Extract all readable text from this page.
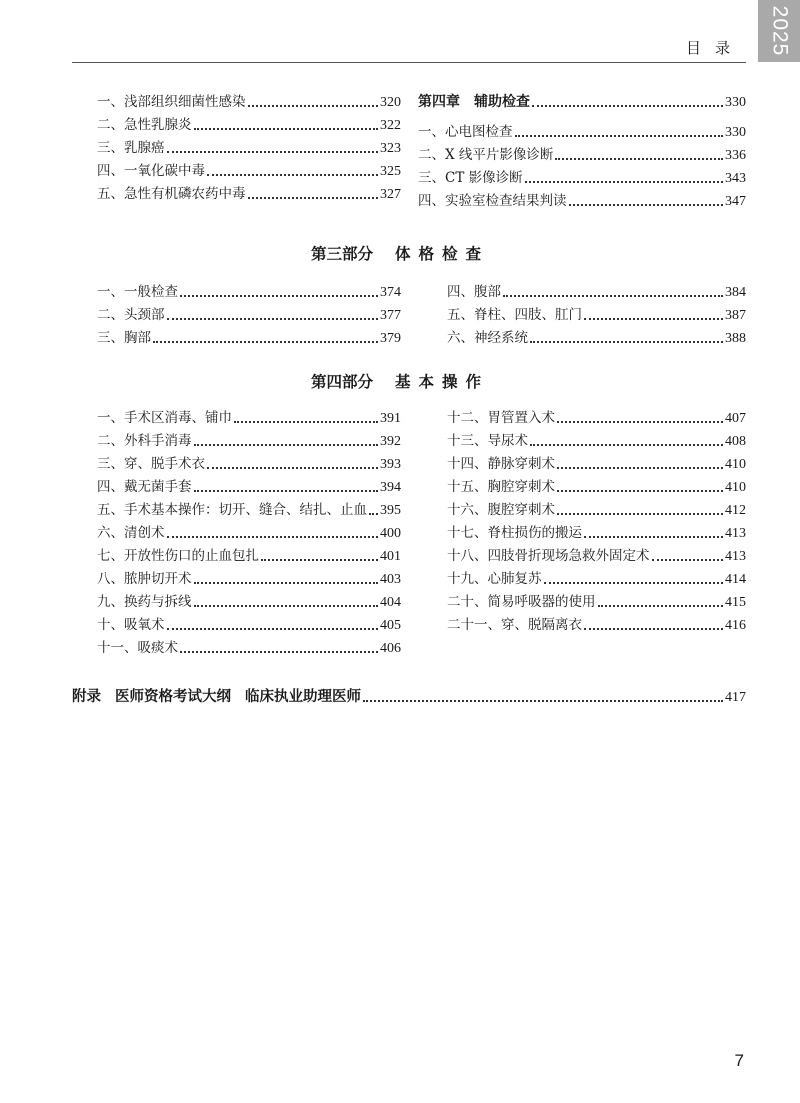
2025
目录
一、浅部组织细菌性感染	320
二、急性乳腺炎	322
三、乳腺癌	323
四、一氧化碳中毒	325
五、急性有机磷农药中毒	327
第四章　辅助检查	330
一、心电图检查	330
二、X 线平片影像诊断	336
三、CT 影像诊断	343
四、实验室检查结果判读	347
第三部分 体格检查
一、一般检查	374
二、头颈部	377
三、胸部	379
四、腹部	384
五、脊柱、四肢、肛门	387
六、神经系统	388
第四部分 基本操作
一、手术区消毒、铺巾	391
二、外科手消毒	392
三、穿、脱手术衣	393
四、戴无菌手套	394
五、手术基本操作：切开、缝合、结扎、止血 395
六、清创术	400
七、开放性伤口的止血包扎	401
八、脓肿切开术	403
九、换药与拆线	404
十、吸氧术	405
十一、吸痰术	406
十二、胃管置入术	407
十三、导尿术	408
十四、静脉穿刺术	410
十五、胸腔穿刺术	410
十六、腹腔穿刺术	412
十七、脊柱损伤的搬运	413
十八、四肢骨折现场急救外固定术	413
十九、心肺复苏	414
二十、简易呼吸器的使用	415
二十一、穿、脱隔离衣	416
附录 医师资格考试大纲 临床执业助理医师	417
7
